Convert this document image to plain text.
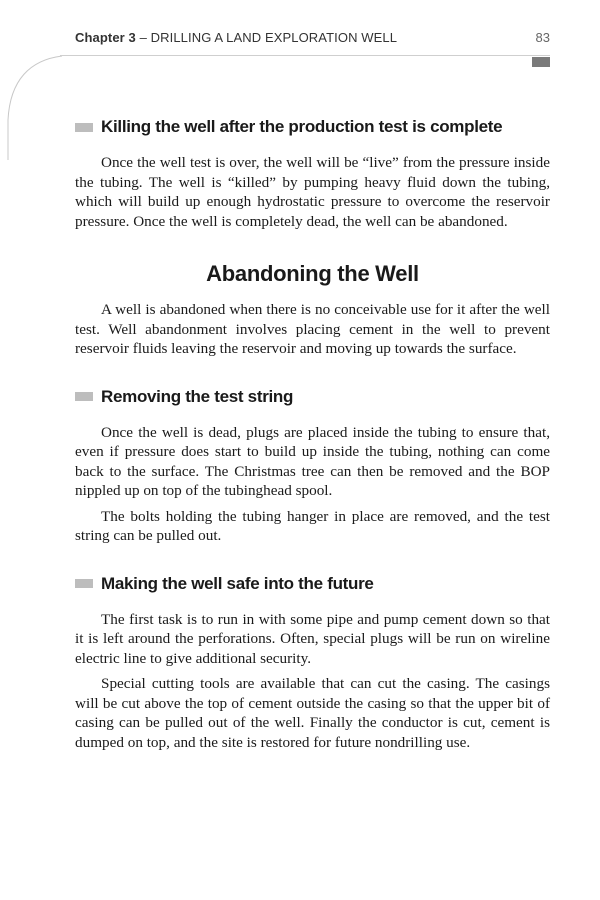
Chapter 3 – DRILLING A LAND EXPLORATION WELL	83
Killing the well after the production test is complete

Once the well test is over, the well will be “live” from the pressure inside the tubing. The well is “killed” by pumping heavy fluid down the tubing, which will build up enough hydrostatic pressure to overcome the reservoir pressure. Once the well is completely dead, the well can be abandoned.

Abandoning the Well

A well is abandoned when there is no conceivable use for it after the well test. Well abandonment involves placing cement in the well to prevent reservoir fluids leaving the reservoir and moving up towards the surface.

Removing the test string

Once the well is dead, plugs are placed inside the tubing to ensure that, even if pressure does start to build up inside the tubing, nothing can come back to the surface. The Christmas tree can then be removed and the BOP nippled up on top of the tubinghead spool.

The bolts holding the tubing hanger in place are removed, and the test string can be pulled out.

Making the well safe into the future

The first task is to run in with some pipe and pump cement down so that it is left around the perforations. Often, special plugs will be run on wireline electric line to give additional security.

Special cutting tools are available that can cut the casing. The casings will be cut above the top of cement outside the casing so that the upper bit of casing can be pulled out of the well. Finally the conductor is cut, cement is dumped on top, and the site is restored for future nondrilling use.
